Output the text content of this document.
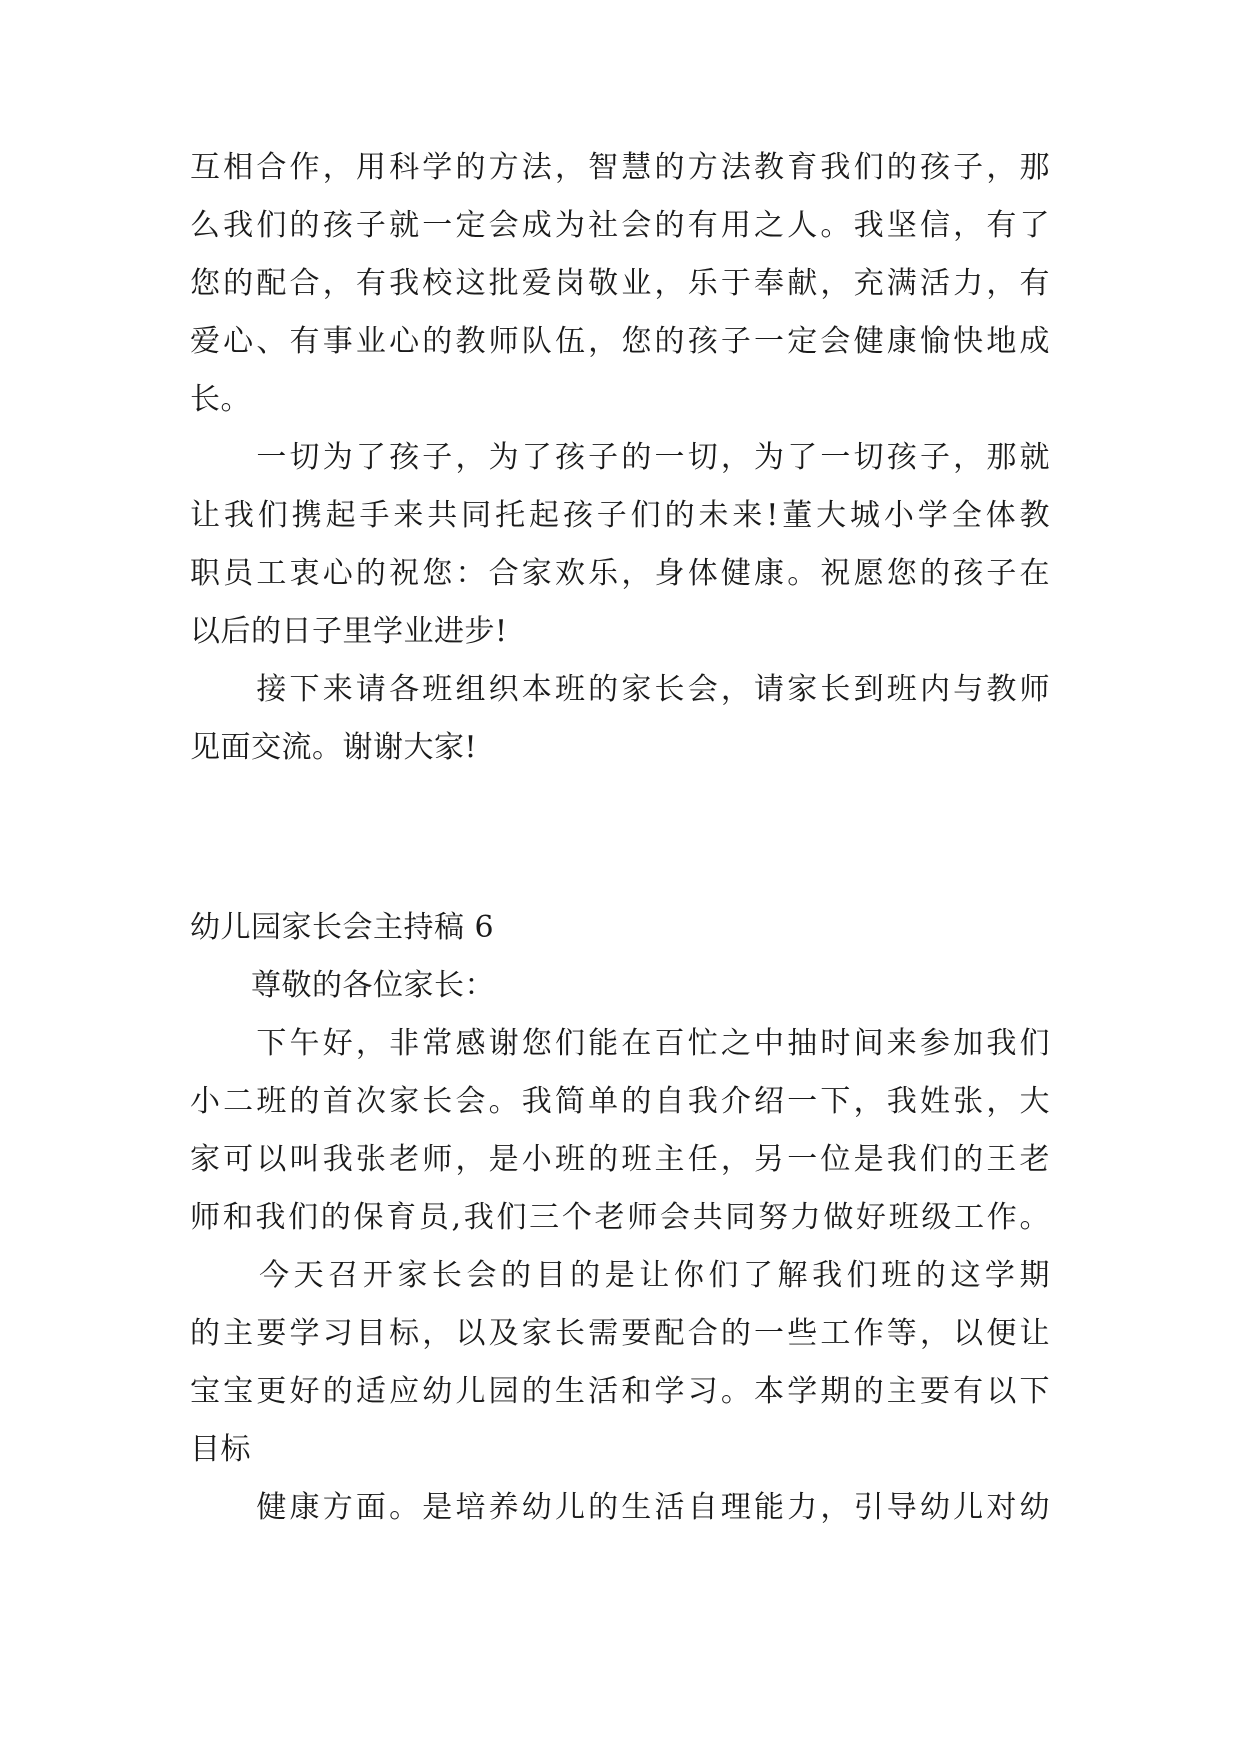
互相合作，用科学的方法，智慧的方法教育我们的孩子，那
么我们的孩子就一定会成为社会的有用之人。我坚信，有了
您的配合，有我校这批爱岗敬业，乐于奉献，充满活力，有
爱心、有事业心的教师队伍，您的孩子一定会健康愉快地成
长。
　　一切为了孩子，为了孩子的一切，为了一切孩子，那就
让我们携起手来共同托起孩子们的未来!董大城小学全体教
职员工衷心的祝您：合家欢乐，身体健康。祝愿您的孩子在
以后的日子里学业进步!
　　接下来请各班组织本班的家长会，请家长到班内与教师
见面交流。谢谢大家!
幼儿园家长会主持稿 6
　　尊敬的各位家长：
　　下午好，非常感谢您们能在百忙之中抽时间来参加我们
小二班的首次家长会。我简单的自我介绍一下，我姓张，大
家可以叫我张老师，是小班的班主任，另一位是我们的王老
师和我们的保育员,我们三个老师会共同努力做好班级工作。
　　今天召开家长会的目的是让你们了解我们班的这学期
的主要学习目标，以及家长需要配合的一些工作等，以便让
宝宝更好的适应幼儿园的生活和学习。本学期的主要有以下
目标
　　健康方面。是培养幼儿的生活自理能力，引导幼儿对幼
